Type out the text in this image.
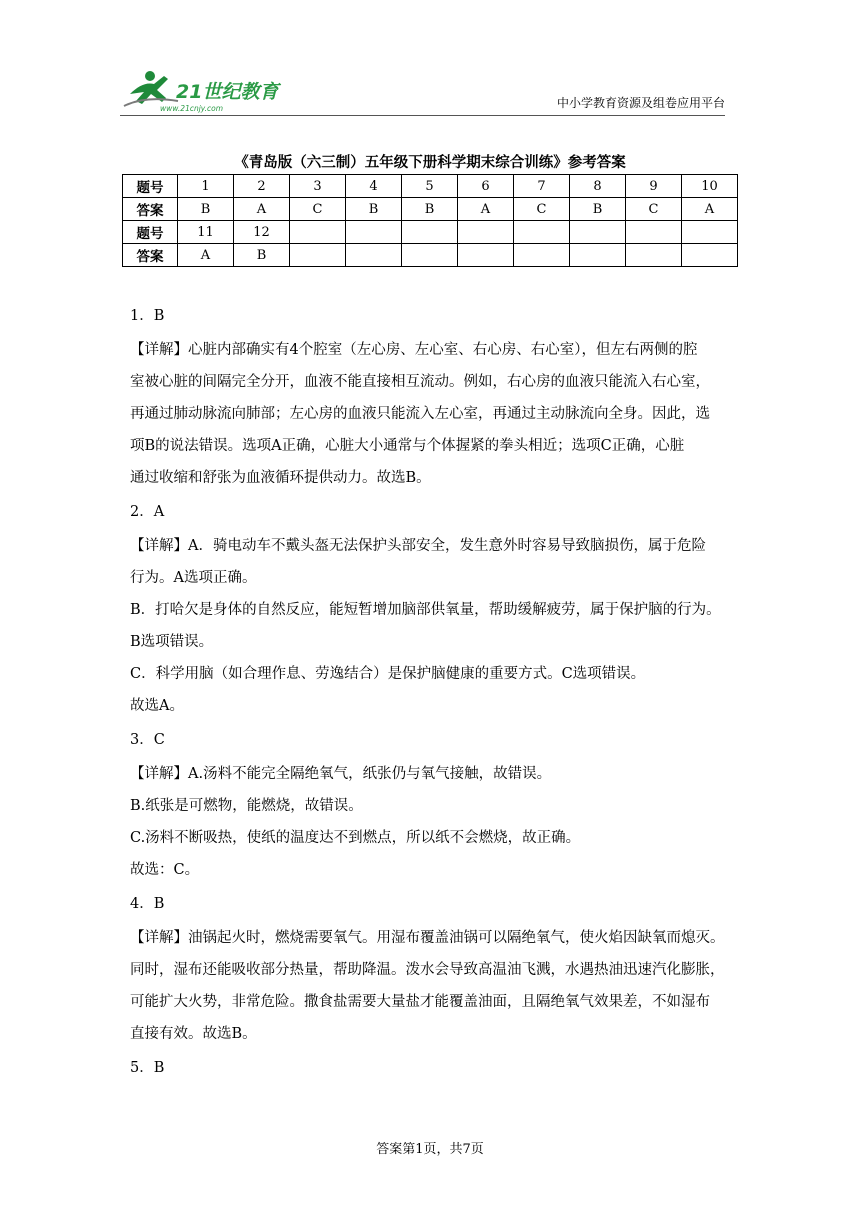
21世纪教育
www.21cnjy.com	中小学教育资源及组卷应用平台
《青岛版（六三制）五年级下册科学期末综合训练》参考答案
题号	1	2	3	4	5	6	7	8	9	10
答案	B	A	C	B	B	A	C	B	C	A
题号	11	12								
答案	A	B								
1．B
【详解】心脏内部确实有4个腔室（左心房、左心室、右心房、右心室），但左右两侧的腔
室被心脏的间隔完全分开，血液不能直接相互流动。例如，右心房的血液只能流入右心室，
再通过肺动脉流向肺部；左心房的血液只能流入左心室，再通过主动脉流向全身。因此，选
项B的说法错误。选项A正确，心脏大小通常与个体握紧的拳头相近；选项C正确，心脏
通过收缩和舒张为血液循环提供动力。故选B。
2．A
【详解】A．骑电动车不戴头盔无法保护头部安全，发生意外时容易导致脑损伤，属于危险
行为。A选项正确。
B．打哈欠是身体的自然反应，能短暂增加脑部供氧量，帮助缓解疲劳，属于保护脑的行为。
B选项错误。
C．科学用脑（如合理作息、劳逸结合）是保护脑健康的重要方式。C选项错误。
故选A。
3．C
【详解】A.汤料不能完全隔绝氧气，纸张仍与氧气接触，故错误。
B.纸张是可燃物，能燃烧，故错误。
C.汤料不断吸热，使纸的温度达不到燃点，所以纸不会燃烧，故正确。
故选：C。
4．B
【详解】油锅起火时，燃烧需要氧气。用湿布覆盖油锅可以隔绝氧气，使火焰因缺氧而熄灭。
同时，湿布还能吸收部分热量，帮助降温。泼水会导致高温油飞溅，水遇热油迅速汽化膨胀，
可能扩大火势，非常危险。撒食盐需要大量盐才能覆盖油面，且隔绝氧气效果差，不如湿布
直接有效。故选B。
5．B
答案第1页，共7页
